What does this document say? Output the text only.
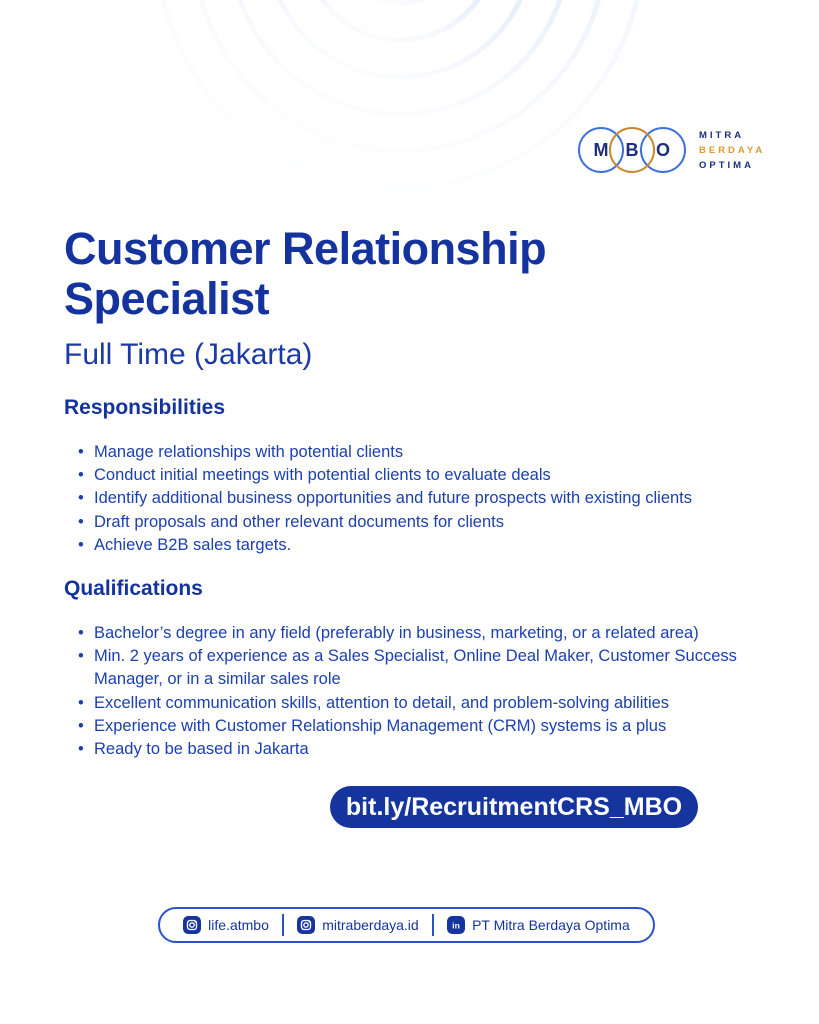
M B O
MITRA
BERDAYA
OPTIMA
Customer Relationship Specialist
Full Time (Jakarta)
Responsibilities
• Manage relationships with potential clients
• Conduct initial meetings with potential clients to evaluate deals
• Identify additional business opportunities and future prospects with existing clients
• Draft proposals and other relevant documents for clients
• Achieve B2B sales targets.
Qualifications
• Bachelor’s degree in any field (preferably in business, marketing, or a related area)
• Min. 2 years of experience as a Sales Specialist, Online Deal Maker, Customer Success Manager, or in a similar sales role
• Excellent communication skills, attention to detail, and problem-solving abilities
• Experience with Customer Relationship Management (CRM) systems is a plus
• Ready to be based in Jakarta
bit.ly/RecruitmentCRS_MBO
life.atmbo	mitraberdaya.id	in PT Mitra Berdaya Optima
